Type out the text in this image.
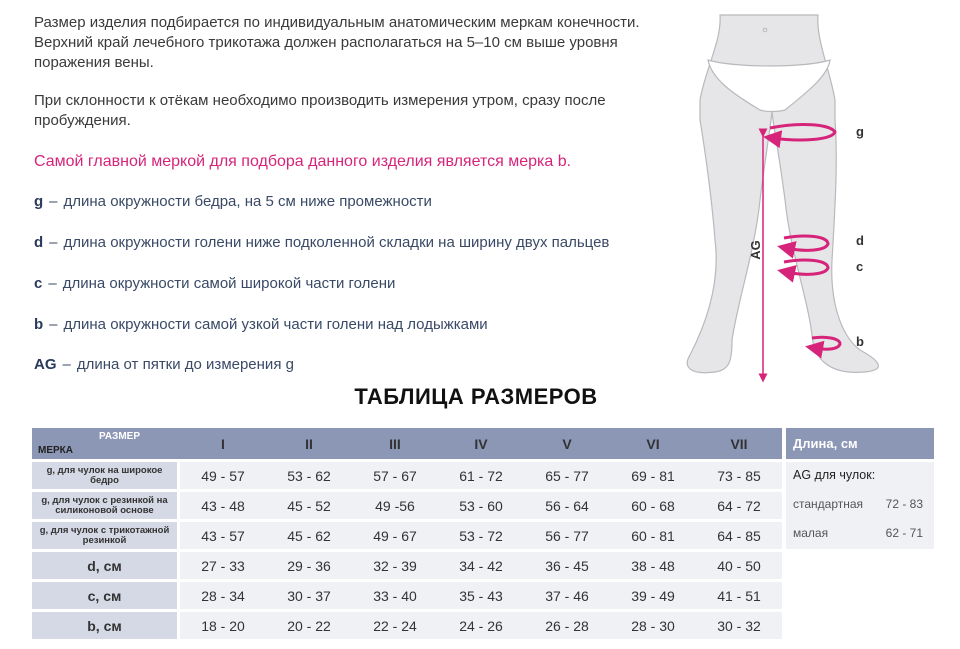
Размер изделия подбирается по индивидуальным анатомическим меркам конечности. Верхний край лечебного трикотажа должен располагаться на 5–10 см выше уровня поражения вены.
При склонности к отёкам необходимо производить измерения утром, сразу после пробуждения.
Самой главной меркой для подбора данного изделия является мерка b.
g – длина окружности бедра, на 5 см ниже промежности
d – длина окружности голени ниже подколенной складки на ширину двух пальцев
c – длина окружности самой широкой части голени
b – длина окружности самой узкой части голени над лодыжками
AG – длина от пятки до измерения g
AG
g
d
c
b
ТАБЛИЦА РАЗМЕРОВ
РАЗМЕР
МЕРКА	I	II	III	IV	V	VI	VII
g, для чулок на широкое бедро	49 - 57	53 - 62	57 - 67	61 - 72	65 - 77	69 - 81	73 - 85
g, для чулок с резинкой на силиконовой основе	43 - 48	45 - 52	49 -56	53 - 60	56 - 64	60 - 68	64 - 72
g, для чулок с трикотажной резинкой	43 - 57	45 - 62	49 - 67	53 - 72	56 - 77	60 - 81	64 - 85
d, см	27 - 33	29 - 36	32 - 39	34 - 42	36 - 45	38 - 48	40 - 50
c, см	28 - 34	30 - 37	33 - 40	35 - 43	37 - 46	39 - 49	41 - 51
b, см	18 - 20	20 - 22	22 - 24	24 - 26	26 - 28	28 - 30	30 - 32
Длина, см
AG для чулок:
стандартная 72 - 83
малая	62 - 71
